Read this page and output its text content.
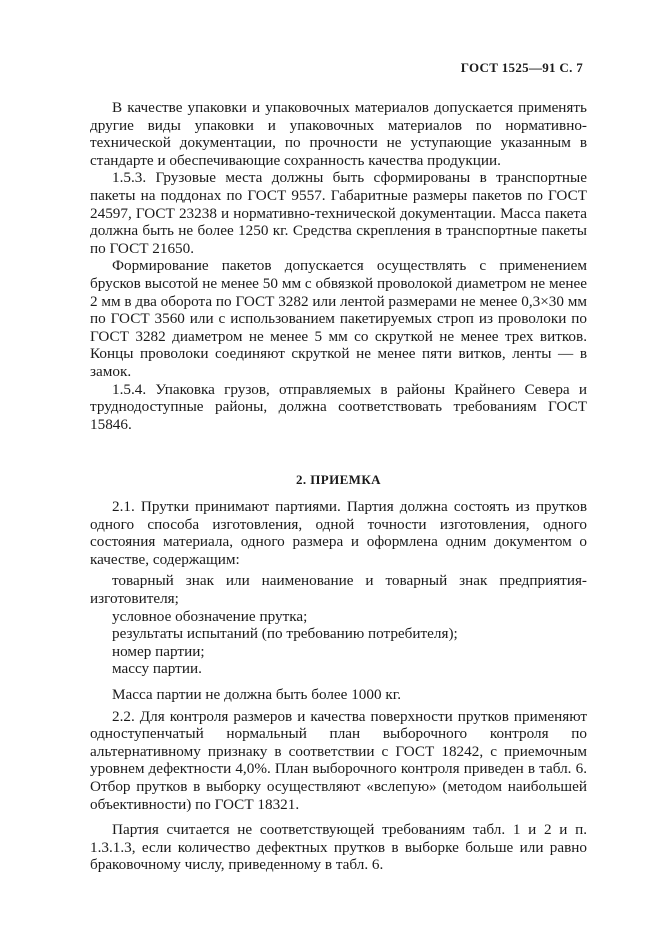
ГОСТ 1525—91 С. 7

В качестве упаковки и упаковочных материалов допускается применять другие виды упаковки и упаковочных материалов по нормативно-технической документации, по прочности не уступающие указанным в стандарте и обеспечивающие сохранность качества продукции.

1.5.3. Грузовые места должны быть сформированы в транспортные пакеты на поддонах по ГОСТ 9557. Габаритные размеры пакетов по ГОСТ 24597, ГОСТ 23238 и нормативно-технической документации. Масса пакета должна быть не более 1250 кг. Средства скрепления в транспортные пакеты по ГОСТ 21650.

Формирование пакетов допускается осуществлять с применением брусков высотой не менее 50 мм с обвязкой проволокой диаметром не менее 2 мм в два оборота по ГОСТ 3282 или лентой размерами не менее 0,3×30 мм по ГОСТ 3560 или с использованием пакетируемых строп из проволоки по ГОСТ 3282 диаметром не менее 5 мм со скруткой не менее трех витков. Концы проволоки соединяют скруткой не менее пяти витков, ленты — в замок.

1.5.4. Упаковка грузов, отправляемых в районы Крайнего Севера и труднодоступные районы, должна соответствовать требованиям ГОСТ 15846.

2. ПРИЕМКА

2.1. Прутки принимают партиями. Партия должна состоять из прутков одного способа изготовления, одной точности изготовления, одного состояния материала, одного размера и оформлена одним документом о качестве, содержащим:

товарный знак или наименование и товарный знак предприятия-изготовителя;

условное обозначение прутка;

результаты испытаний (по требованию потребителя);

номер партии;

массу партии.

Масса партии не должна быть более 1000 кг.

2.2. Для контроля размеров и качества поверхности прутков применяют одноступенчатый нормальный план выборочного контроля по альтернативному признаку в соответствии с ГОСТ 18242, с приемочным уровнем дефектности 4,0%. План выборочного контроля приведен в табл. 6. Отбор прутков в выборку осуществляют «вслепую» (методом наибольшей объективности) по ГОСТ 18321.

Партия считается не соответствующей требованиям табл. 1 и 2 и п. 1.3.1.3, если количество дефектных прутков в выборке больше или равно браковочному числу, приведенному в табл. 6.
